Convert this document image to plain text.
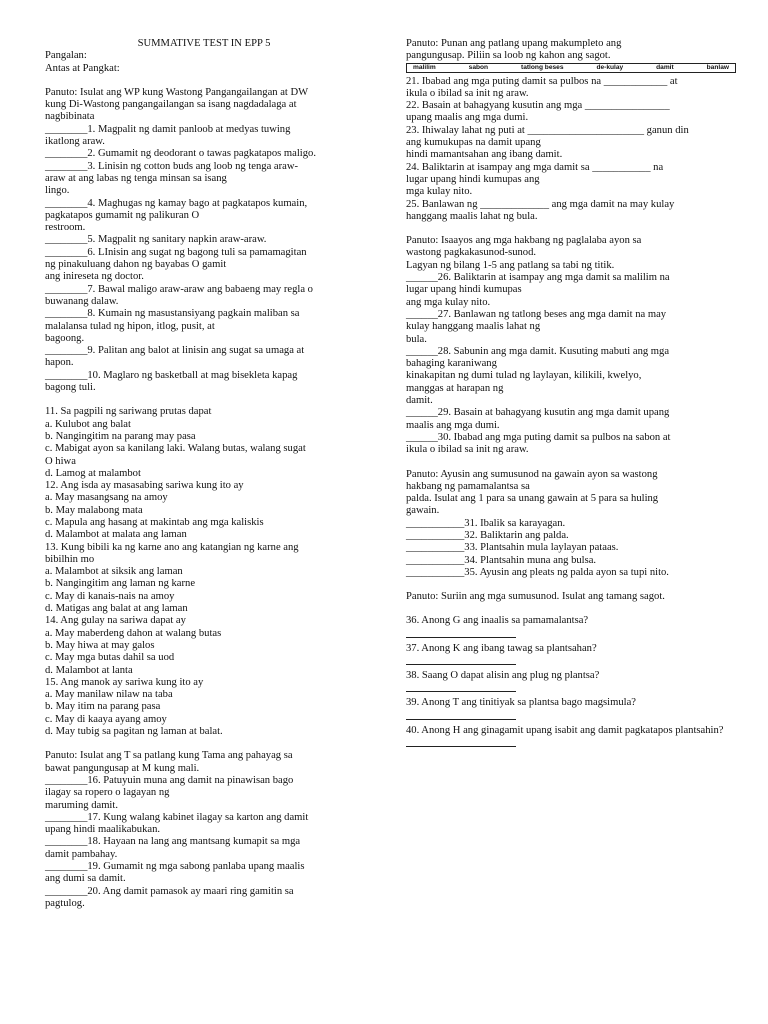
SUMMATIVE TEST IN EPP 5
Pangalan:
Antas at Pangkat:
Panuto: Isulat ang WP kung Wastong Pangangailangan at DW
kung Di-Wastong pangangailangan sa isang nagdadalaga at
nagbibinata
________1. Magpalit ng damit panloob at medyas tuwing
ikatlong araw.
________2. Gumamit ng deodorant o tawas pagkatapos maligo.
________3. Linisin ng cotton buds ang loob ng tenga araw-
araw at ang labas ng tenga minsan sa isang
lingo.
________4. Maghugas ng kamay bago at pagkatapos kumain,
pagkatapos gumamit ng palikuran O
restroom.
________5. Magpalit ng sanitary napkin araw-araw.
________6. LInisin ang sugat ng bagong tuli sa pamamagitan
ng pinakuluang dahon ng bayabas O gamit
ang inireseta ng doctor.
________7. Bawal maligo araw-araw ang babaeng may regla o
buwanang dalaw.
________8. Kumain ng masustansiyang pagkain maliban sa
malalansa tulad ng hipon, itlog, pusit, at
bagoong.
________9. Palitan ang balot at linisin ang sugat sa umaga at
hapon.
________10. Maglaro ng basketball at mag bisekleta kapag
bagong tuli.
11. Sa pagpili ng sariwang prutas dapat
a. Kulubot ang balat
b. Nangingitim na parang may pasa
c. Mabigat ayon sa kanilang laki. Walang butas, walang sugat
O hiwa
d. Lamog at malambot
12. Ang isda ay masasabing sariwa kung ito ay
a. May masangsang na amoy
b. May malabong mata
c. Mapula ang hasang at makintab ang mga kaliskis
d. Malambot at malata ang laman
13. Kung bibili ka ng karne ano ang katangian ng karne ang
bibilhin mo
a. Malambot at siksik ang laman
b. Nangingitim ang laman ng karne
c. May di kanais-nais na amoy
d. Matigas ang balat at ang laman
14. Ang gulay na sariwa dapat ay
a. May maberdeng dahon at walang butas
b. May hiwa at may galos
c. May mga butas dahil sa uod
d. Malambot at lanta
15. Ang manok ay sariwa kung ito ay
a. May manilaw nilaw na taba
b. May itim na parang pasa
c. May di kaaya ayang amoy
d. May tubig sa pagitan ng laman at balat.
Panuto: Isulat ang T sa patlang kung Tama ang pahayag sa
bawat pangungusap at M kung mali.
________16. Patuyuin muna ang damit na pinawisan bago
ilagay sa ropero o lagayan ng
maruming damit.
________17. Kung walang kabinet ilagay sa karton ang damit
upang hindi maalikabukan.
________18. Hayaan na lang ang mantsang kumapit sa mga
damit pambahay.
________19. Gumamit ng mga sabong panlaba upang maalis
ang dumi sa damit.
________20. Ang damit pamasok ay maari ring gamitin sa
pagtulog.
Panuto: Punan ang patlang upang makumpleto ang
pangungusap. Piliin sa loob ng kahon ang sagot.
malilim	sabon	tatlong beses	de-kulay	damit	banlaw
21. Ibabad ang mga puting damit sa pulbos na ____________ at
ikula o ibilad sa init ng araw.
22. Basain at bahagyang kusutin ang mga ________________
upang maalis ang mga dumi.
23. Ihiwalay lahat ng puti at ______________________ ganun din
ang kumukupas na damit upang
hindi mamantsahan ang ibang damit.
24. Baliktarin at isampay ang mga damit sa ___________ na
lugar upang hindi kumupas ang
mga kulay nito.
25. Banlawan ng _____________ ang mga damit na may kulay
hanggang maalis lahat ng bula.
Panuto: Isaayos ang mga hakbang ng paglalaba ayon sa
wastong pagkakasunod-sunod.
Lagyan ng bilang 1-5 ang patlang sa tabi ng titik.
______26. Baliktarin at isampay ang mga damit sa malilim na
lugar upang hindi kumupas
ang mga kulay nito.
______27. Banlawan ng tatlong beses ang mga damit na may
kulay hanggang maalis lahat ng
bula.
______28. Sabunin ang mga damit. Kusuting mabuti ang mga
bahaging karaniwang
kinakapitan ng dumi tulad ng laylayan, kilikili, kwelyo,
manggas at harapan ng
damit.
______29. Basain at bahagyang kusutin ang mga damit upang
maalis ang mga dumi.
______30. Ibabad ang mga puting damit sa pulbos na sabon at
ikula o ibilad sa init ng araw.
Panuto: Ayusin ang sumusunod na gawain ayon sa wastong
hakbang ng pamamalantsa sa
palda. Isulat ang 1 para sa unang gawain at 5 para sa huling
gawain.
___________31. Ibalik sa karayagan.
___________32. Baliktarin ang palda.
___________33. Plantsahin mula laylayan pataas.
___________34. Plantsahin muna ang bulsa.
___________35. Ayusin ang pleats ng palda ayon sa tupi nito.
Panuto: Suriin ang mga sumusunod. Isulat ang tamang sagot.
36. Anong G ang inaalis sa pamamalantsa?
37. Anong K ang ibang tawag sa plantsahan?
38. Saang O dapat alisin ang plug ng plantsa?
39. Anong T ang tinitiyak sa plantsa bago magsimula?
40. Anong H ang ginagamit upang isabit ang damit pagkatapos plantsahin?
